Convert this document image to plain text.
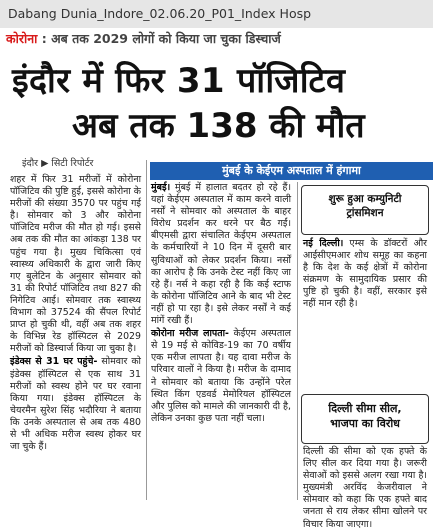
Dabang Dunia_Indore_02.06.20_P01_Index Hosp
कोरोना : अब तक 2029 लोगों को किया जा चुका डिस्चार्ज
इंदौर में फिर 31 पॉजिटिव
अब तक 138 की मौत
इंदौर ▶ सिटी रिपोर्टर

शहर में फिर 31 मरीजों में कोरोना पॉजिटिव की पुष्टि हुई, इससे कोरोना के मरीजों की संख्या 3570 पर पहुंच गई है। सोमवार को 3 और कोरोना पॉजिटिव मरीज की मौत हो गई। इससे अब तक की मौत का आंकड़ा 138 पर पहुंच गया है। मुख्य चिकित्सा एवं स्वास्थ्य अधिकारी के द्वारा जारी किए गए बुलेटिन के अनुसार सोमवार को 31 की रिपोर्ट पॉजिटिव तथा 827 की निगेटिव आई। सोमवार तक स्वास्थ्य विभाग को 37524 की सैंपल रिपोर्ट प्राप्त हो चुकी थी, वहीं अब तक शहर के विभिन्न रेड हॉस्पिटल से 2029 मरीजों को डिस्चार्ज किया जा चुका है।

इंडेक्स से 31 घर पहुंचे- सोमवार को इंडेक्स हॉस्पिटल से एक साथ 31 मरीजों को स्वस्थ होने पर घर रवाना किया गया। इंडेक्स हॉस्पिटल के चेयरमैन सुरेश सिंह भदौरिया ने बताया कि उनके अस्पताल से अब तक 480 से भी अधिक मरीज स्वस्थ होकर घर जा चुके हैं।

मुंबई के केईएम अस्पताल में हंगामा

मुंबई। मुंबई में हालात बदतर हो रहे हैं। यहां केईएम अस्पताल में काम करने वाली नर्सों ने सोमवार को अस्पताल के बाहर विरोध प्रदर्शन कर धरने पर बैठ गईं। बीएमसी द्वारा संचालित केईएम अस्पताल के कर्मचारियों ने 10 दिन में दूसरी बार सुविधाओं को लेकर प्रदर्शन किया। नर्सों का आरोप है कि उनके टेस्ट नहीं किए जा रहे हैं। नर्स ने कहा रही है कि कई स्टाफ के कोरोना पॉजिटिव आने के बाद भी टेस्ट नहीं हो पा रहा है। इसे लेकर नर्सों ने कई मांगें रखी हैं।

कोरोना मरीज लापता- केईएम अस्पताल से 19 मई से कोविड-19 का 70 वर्षीय एक मरीज लापता है। यह दावा मरीज के परिवार वालों ने किया है। मरीज के दामाद ने सोमवार को बताया कि उन्होंने परेल स्थित किंग एडवर्ड मेमोरियल हॉस्पिटल और पुलिस को मामले की जानकारी दी है, लेकिन उनका कुछ पता नहीं चला।

शुरू हुआ कम्युनिटी
ट्रांसमिशन

नई दिल्ली। एम्स के डॉक्टरों और आईसीएमआर शोध समूह का कहना है कि देश के कई क्षेत्रों में कोरोना संक्रमण के सामुदायिक प्रसार की पुष्टि हो चुकी है। वहीं, सरकार इसे नहीं मान रही है।

दिल्ली सीमा सील,
भाजपा का विरोध

दिल्ली की सीमा को एक हफ्ते के लिए सील कर दिया गया है। जरूरी सेवाओं को इससे अलग रखा गया है। मुख्यमंत्री अरविंद केजरीवाल ने सोमवार को कहा कि एक हफ्ते बाद जनता से राय लेकर सीमा खोलने पर विचार किया जाएगा।
